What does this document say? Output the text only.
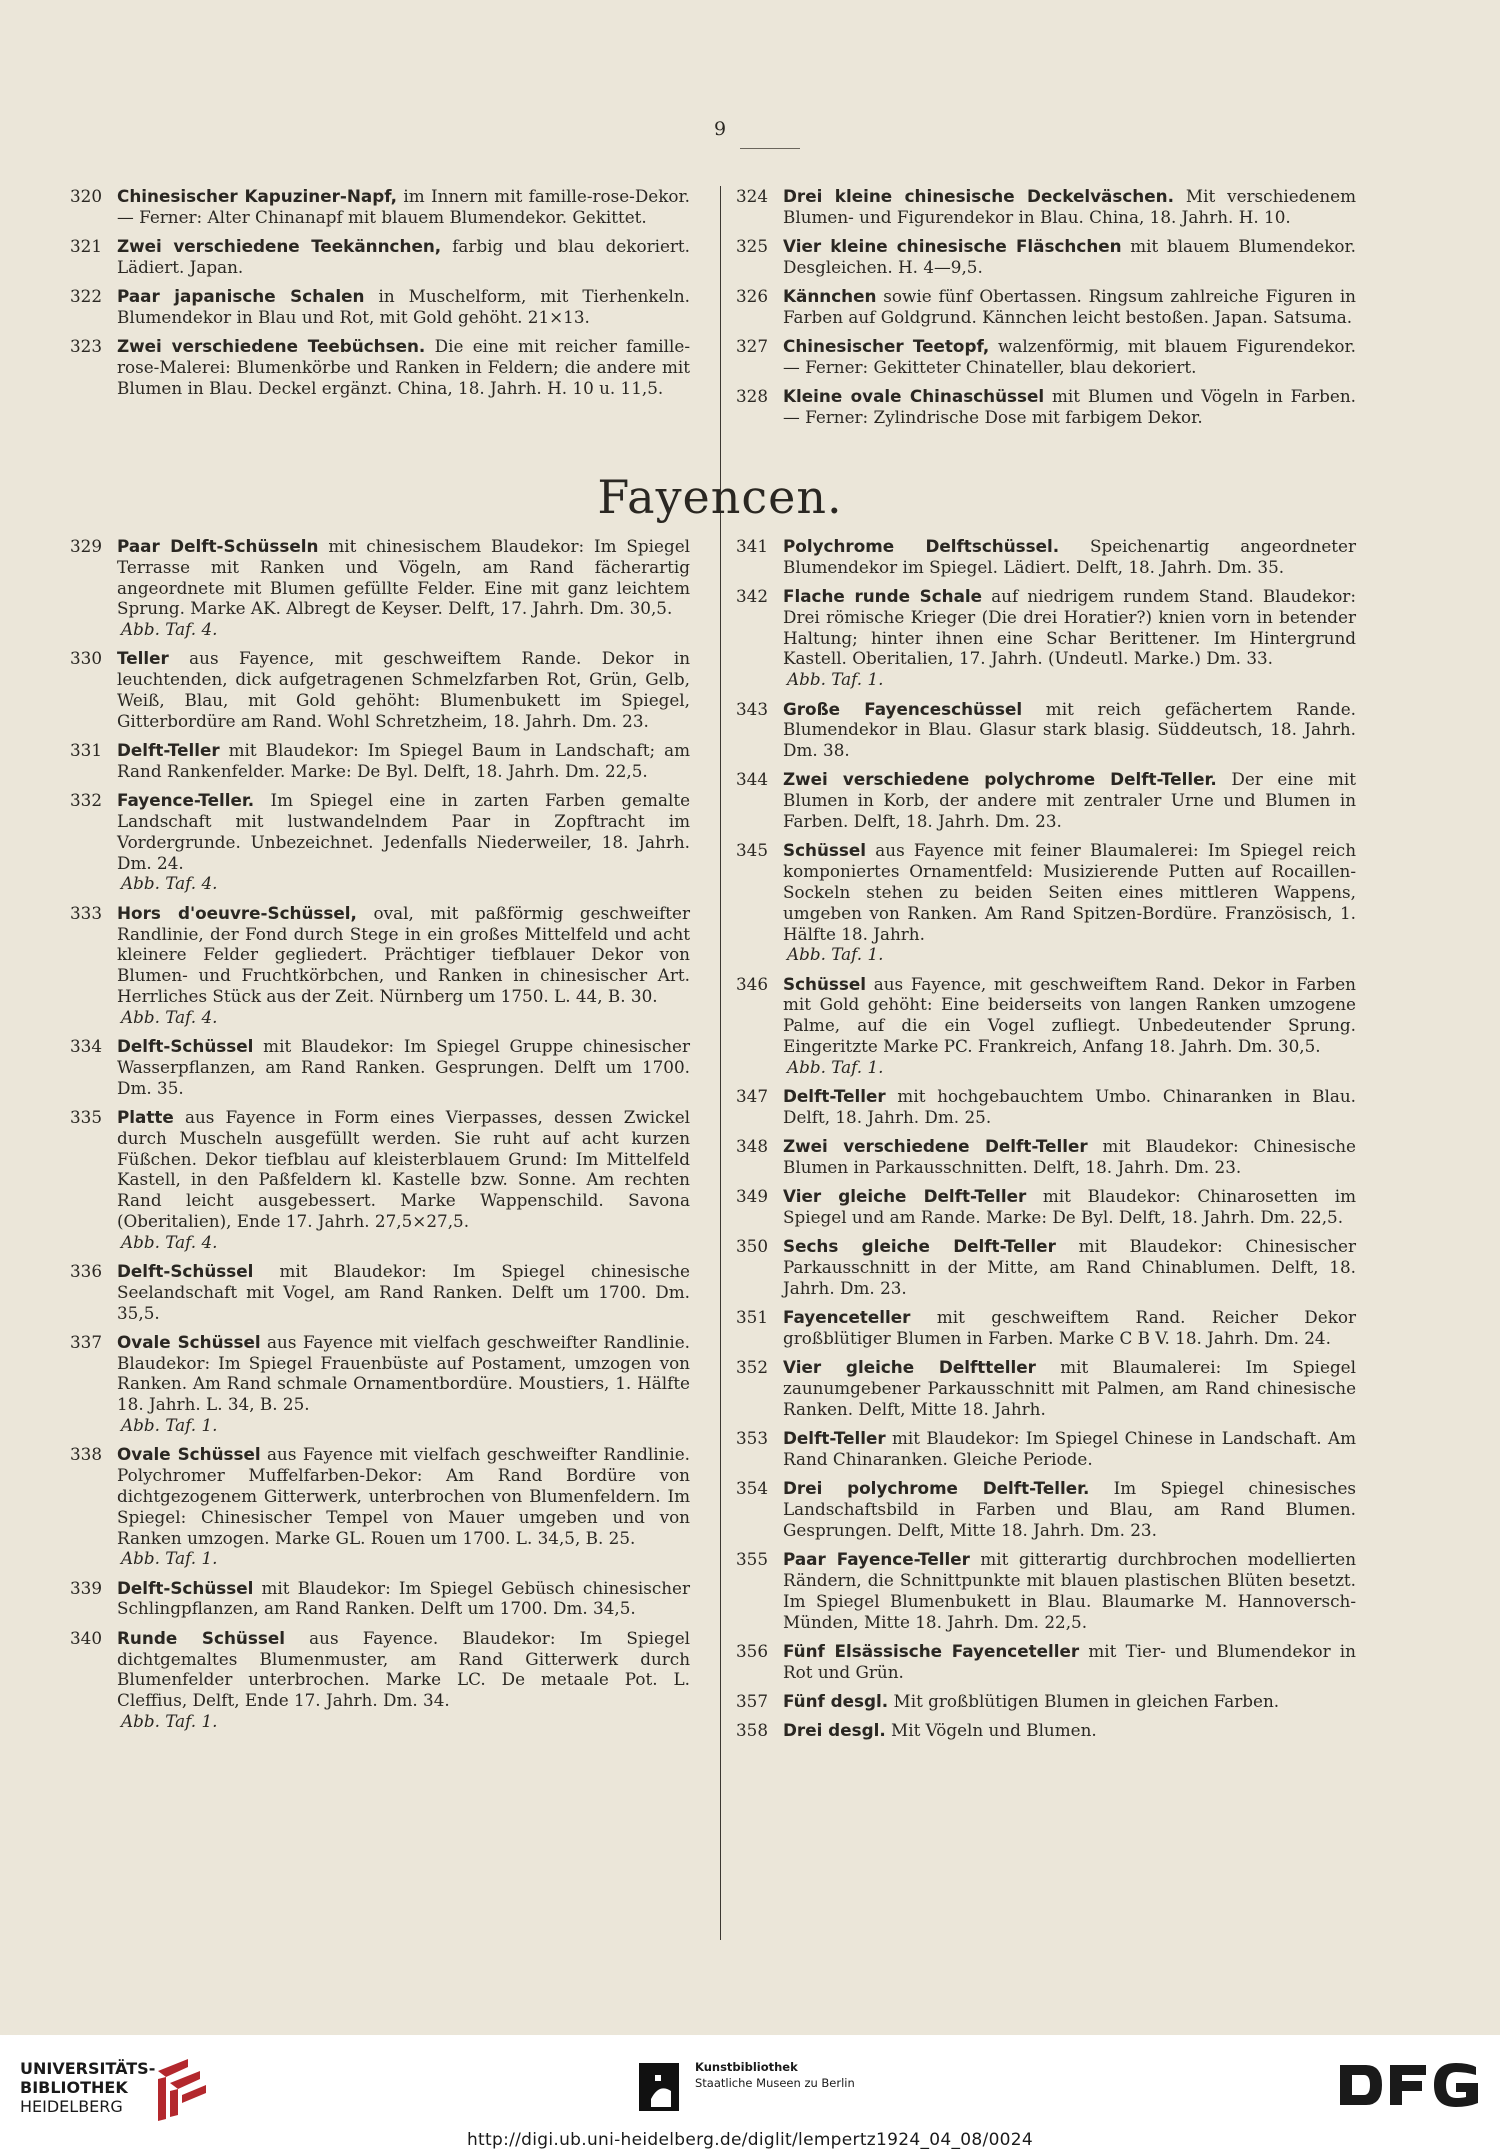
9
320 Chinesischer Kapuziner-Napf, im Innern mit famille-rose-Dekor. — Ferner: Alter Chinanapf mit blauem Blumendekor. Gekittet.
321 Zwei verschiedene Teekännchen, farbig und blau dekoriert. Lädiert. Japan.
322 Paar japanische Schalen in Muschelform, mit Tierhenkeln. Blumendekor in Blau und Rot, mit Gold gehöht. 21×13.
323 Zwei verschiedene Teebüchsen. Die eine mit reicher famille-rose-Malerei: Blumenkörbe und Ranken in Feldern; die andere mit Blumen in Blau. Deckel ergänzt. China, 18. Jahrh. H. 10 u. 11,5.
324 Drei kleine chinesische Deckelväschen. Mit verschiedenem Blumen- und Figurendekor in Blau. China, 18. Jahrh. H. 10.
325 Vier kleine chinesische Fläschchen mit blauem Blumendekor. Desgleichen. H. 4—9,5.
326 Kännchen sowie fünf Obertassen. Ringsum zahlreiche Figuren in Farben auf Goldgrund. Kännchen leicht bestoßen. Japan. Satsuma.
327 Chinesischer Teetopf, walzenförmig, mit blauem Figurendekor. — Ferner: Gekitteter Chinateller, blau dekoriert.
328 Kleine ovale Chinaschüssel mit Blumen und Vögeln in Farben. — Ferner: Zylindrische Dose mit farbigem Dekor.
Fayencen.
329 Paar Delft-Schüsseln mit chinesischem Blaudekor: Im Spiegel Terrasse mit Ranken und Vögeln, am Rand fächerartig angeordnete mit Blumen gefüllte Felder. Eine mit ganz leichtem Sprung. Marke AK. Albregt de Keyser. Delft, 17. Jahrh. Dm. 30,5.
Abb. Taf. 4.
330 Teller aus Fayence, mit geschweiftem Rande. Dekor in leuchtenden, dick aufgetragenen Schmelzfarben Rot, Grün, Gelb, Weiß, Blau, mit Gold gehöht: Blumenbukett im Spiegel, Gitterbordüre am Rand. Wohl Schretzheim, 18. Jahrh. Dm. 23.
331 Delft-Teller mit Blaudekor: Im Spiegel Baum in Landschaft; am Rand Rankenfelder. Marke: De Byl. Delft, 18. Jahrh. Dm. 22,5.
332 Fayence-Teller. Im Spiegel eine in zarten Farben gemalte Landschaft mit lustwandelndem Paar in Zopftracht im Vordergrunde. Unbezeichnet. Jedenfalls Niederweiler, 18. Jahrh. Dm. 24.
Abb. Taf. 4.
333 Hors d'oeuvre-Schüssel, oval, mit paßförmig geschweifter Randlinie, der Fond durch Stege in ein großes Mittelfeld und acht kleinere Felder gegliedert. Prächtiger tiefblauer Dekor von Blumen- und Fruchtkörbchen, und Ranken in chinesischer Art. Herrliches Stück aus der Zeit. Nürnberg um 1750. L. 44, B. 30.
Abb. Taf. 4.
334 Delft-Schüssel mit Blaudekor: Im Spiegel Gruppe chinesischer Wasserpflanzen, am Rand Ranken. Gesprungen. Delft um 1700. Dm. 35.
335 Platte aus Fayence in Form eines Vierpasses, dessen Zwickel durch Muscheln ausgefüllt werden. Sie ruht auf acht kurzen Füßchen. Dekor tiefblau auf kleisterblauem Grund: Im Mittelfeld Kastell, in den Paßfeldern kl. Kastelle bzw. Sonne. Am rechten Rand leicht ausgebessert. Marke Wappenschild. Savona (Oberitalien), Ende 17. Jahrh. 27,5×27,5.
Abb. Taf. 4.
336 Delft-Schüssel mit Blaudekor: Im Spiegel chinesische Seelandschaft mit Vogel, am Rand Ranken. Delft um 1700. Dm. 35,5.
337 Ovale Schüssel aus Fayence mit vielfach geschweifter Randlinie. Blaudekor: Im Spiegel Frauenbüste auf Postament, umzogen von Ranken. Am Rand schmale Ornamentbordüre. Moustiers, 1. Hälfte 18. Jahrh. L. 34, B. 25.
Abb. Taf. 1.
338 Ovale Schüssel aus Fayence mit vielfach geschweifter Randlinie. Polychromer Muffelfarben-Dekor: Am Rand Bordüre von dichtgezogenem Gitterwerk, unterbrochen von Blumenfeldern. Im Spiegel: Chinesischer Tempel von Mauer umgeben und von Ranken umzogen. Marke GL. Rouen um 1700. L. 34,5, B. 25.
Abb. Taf. 1.
339 Delft-Schüssel mit Blaudekor: Im Spiegel Gebüsch chinesischer Schlingpflanzen, am Rand Ranken. Delft um 1700. Dm. 34,5.
340 Runde Schüssel aus Fayence. Blaudekor: Im Spiegel dichtgemaltes Blumenmuster, am Rand Gitterwerk durch Blumenfelder unterbrochen. Marke LC. De metaale Pot. L. Cleffius, Delft, Ende 17. Jahrh. Dm. 34.
Abb. Taf. 1.
341 Polychrome Delftschüssel. Speichenartig angeordneter Blumendekor im Spiegel. Lädiert. Delft, 18. Jahrh. Dm. 35.
342 Flache runde Schale auf niedrigem rundem Stand. Blaudekor: Drei römische Krieger (Die drei Horatier?) knien vorn in betender Haltung; hinter ihnen eine Schar Berittener. Im Hintergrund Kastell. Oberitalien, 17. Jahrh. (Undeutl. Marke.) Dm. 33.
Abb. Taf. 1.
343 Große Fayenceschüssel mit reich gefächertem Rande. Blumendekor in Blau. Glasur stark blasig. Süddeutsch, 18. Jahrh. Dm. 38.
344 Zwei verschiedene polychrome Delft-Teller. Der eine mit Blumen in Korb, der andere mit zentraler Urne und Blumen in Farben. Delft, 18. Jahrh. Dm. 23.
345 Schüssel aus Fayence mit feiner Blaumalerei: Im Spiegel reich komponiertes Ornamentfeld: Musizierende Putten auf Rocaillen-Sockeln stehen zu beiden Seiten eines mittleren Wappens, umgeben von Ranken. Am Rand Spitzen-Bordüre. Französisch, 1. Hälfte 18. Jahrh.
Abb. Taf. 1.
346 Schüssel aus Fayence, mit geschweiftem Rand. Dekor in Farben mit Gold gehöht: Eine beiderseits von langen Ranken umzogene Palme, auf die ein Vogel zufliegt. Unbedeutender Sprung. Eingeritzte Marke PC. Frankreich, Anfang 18. Jahrh. Dm. 30,5.
Abb. Taf. 1.
347 Delft-Teller mit hochgebauchtem Umbo. Chinaranken in Blau. Delft, 18. Jahrh. Dm. 25.
348 Zwei verschiedene Delft-Teller mit Blaudekor: Chinesische Blumen in Parkausschnitten. Delft, 18. Jahrh. Dm. 23.
349 Vier gleiche Delft-Teller mit Blaudekor: Chinarosetten im Spiegel und am Rande. Marke: De Byl. Delft, 18. Jahrh. Dm. 22,5.
350 Sechs gleiche Delft-Teller mit Blaudekor: Chinesischer Parkausschnitt in der Mitte, am Rand Chinablumen. Delft, 18. Jahrh. Dm. 23.
351 Fayenceteller mit geschweiftem Rand. Reicher Dekor großblütiger Blumen in Farben. Marke C B V. 18. Jahrh. Dm. 24.
352 Vier gleiche Delftteller mit Blaumalerei: Im Spiegel zaunumgebener Parkausschnitt mit Palmen, am Rand chinesische Ranken. Delft, Mitte 18. Jahrh.
353 Delft-Teller mit Blaudekor: Im Spiegel Chinese in Landschaft. Am Rand Chinaranken. Gleiche Periode.
354 Drei polychrome Delft-Teller. Im Spiegel chinesisches Landschaftsbild in Farben und Blau, am Rand Blumen. Gesprungen. Delft, Mitte 18. Jahrh. Dm. 23.
355 Paar Fayence-Teller mit gitterartig durchbrochen modellierten Rändern, die Schnittpunkte mit blauen plastischen Blüten besetzt. Im Spiegel Blumenbukett in Blau. Blaumarke M. Hannoversch-Münden, Mitte 18. Jahrh. Dm. 22,5.
356 Fünf Elsässische Fayenceteller mit Tier- und Blumendekor in Rot und Grün.
357 Fünf desgl. Mit großblütigen Blumen in gleichen Farben.
358 Drei desgl. Mit Vögeln und Blumen.
UNIVERSITÄTS-
BIBLIOTHEK
HEIDELBERG
Kunstbibliothek
Staatliche Museen zu Berlin
http://digi.ub.uni-heidelberg.de/diglit/lempertz1924_04_08/0024
